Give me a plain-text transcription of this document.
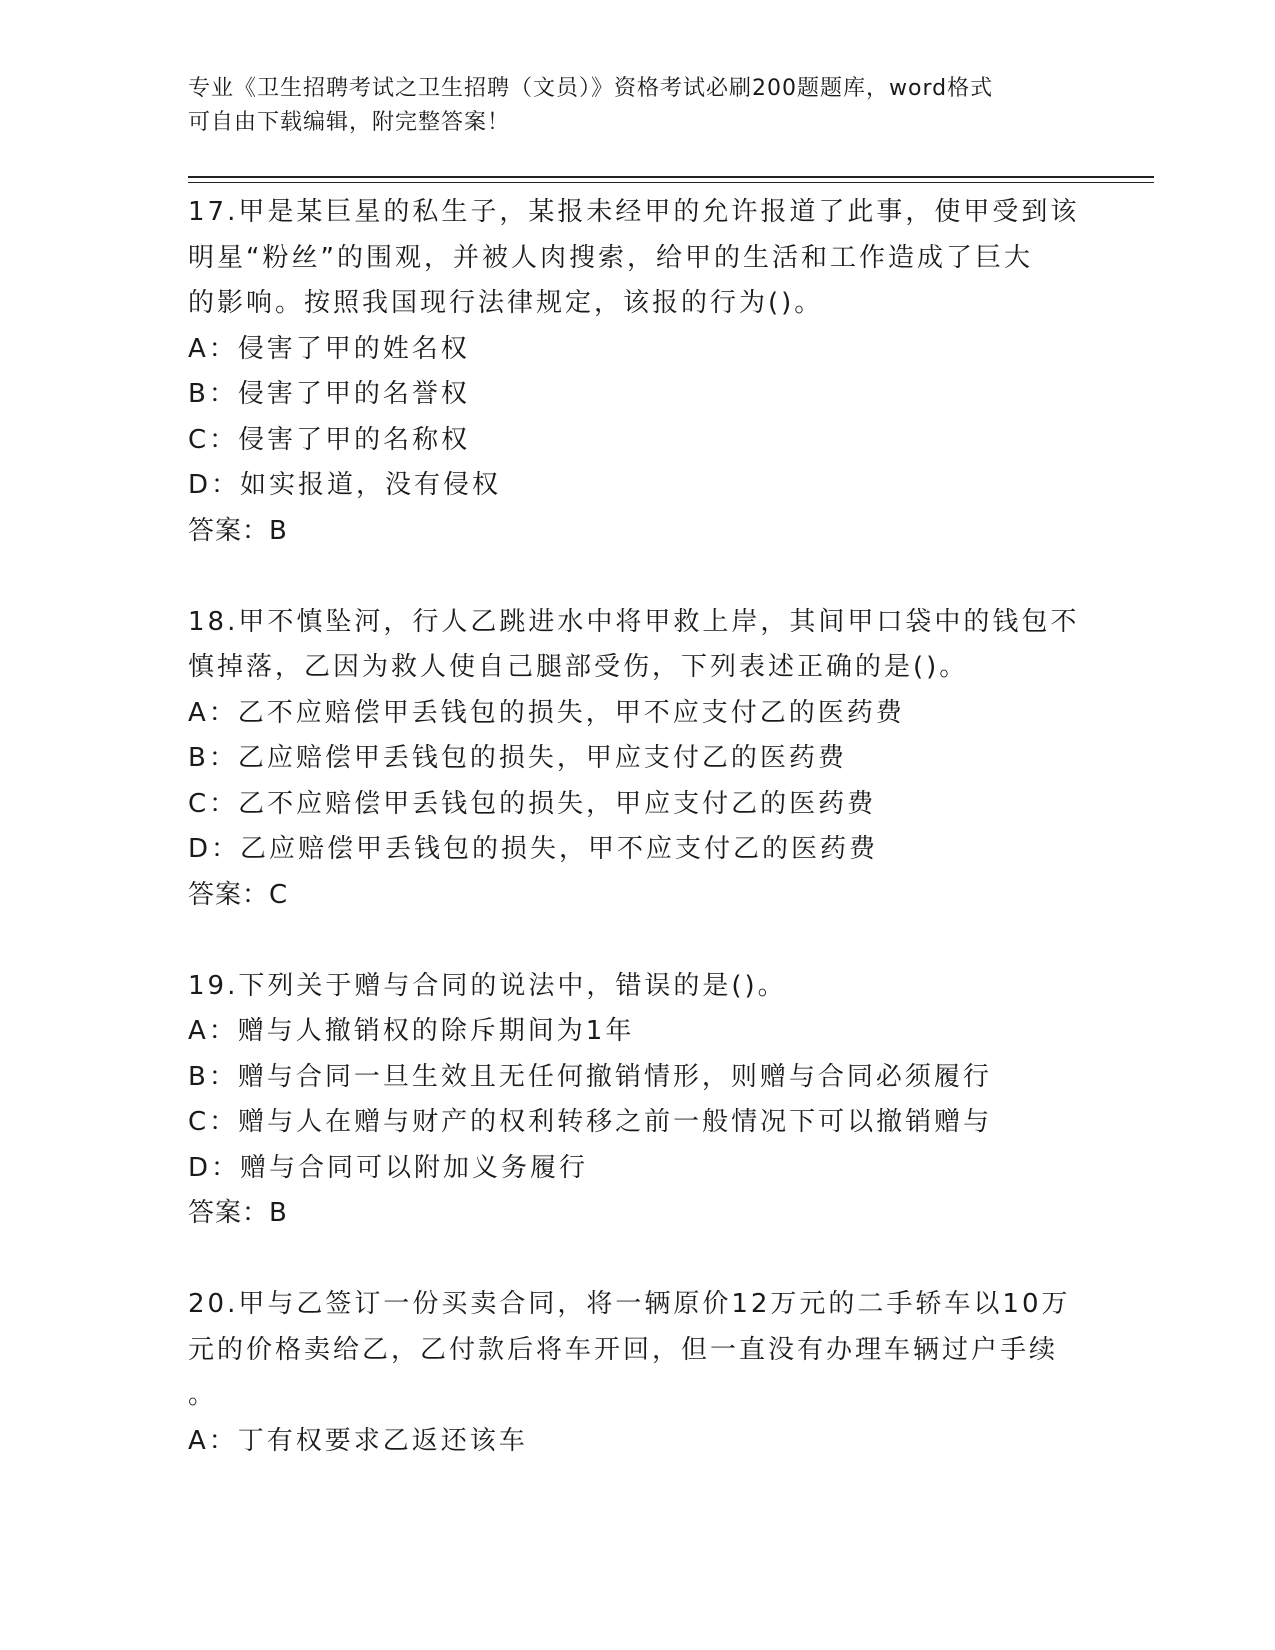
专业《卫生招聘考试之卫生招聘（文员）》资格考试必刷200题题库，word格式
可自由下载编辑，附完整答案！
17.甲是某巨星的私生子，某报未经甲的允许报道了此事，使甲受到该
明星“粉丝”的围观，并被人肉搜索，给甲的生活和工作造成了巨大
的影响。按照我国现行法律规定，该报的行为()。
A：侵害了甲的姓名权
B：侵害了甲的名誉权
C：侵害了甲的名称权
D：如实报道，没有侵权
答案：B
18.甲不慎坠河，行人乙跳进水中将甲救上岸，其间甲口袋中的钱包不
慎掉落，乙因为救人使自己腿部受伤，下列表述正确的是()。
A：乙不应赔偿甲丢钱包的损失，甲不应支付乙的医药费
B：乙应赔偿甲丢钱包的损失，甲应支付乙的医药费
C：乙不应赔偿甲丢钱包的损失，甲应支付乙的医药费
D：乙应赔偿甲丢钱包的损失，甲不应支付乙的医药费
答案：C
19.下列关于赠与合同的说法中，错误的是()。
A：赠与人撤销权的除斥期间为1年
B：赠与合同一旦生效且无任何撤销情形，则赠与合同必须履行
C：赠与人在赠与财产的权利转移之前一般情况下可以撤销赠与
D：赠与合同可以附加义务履行
答案：B
20.甲与乙签订一份买卖合同，将一辆原价12万元的二手轿车以10万
元的价格卖给乙，乙付款后将车开回，但一直没有办理车辆过户手续
。
A：丁有权要求乙返还该车
